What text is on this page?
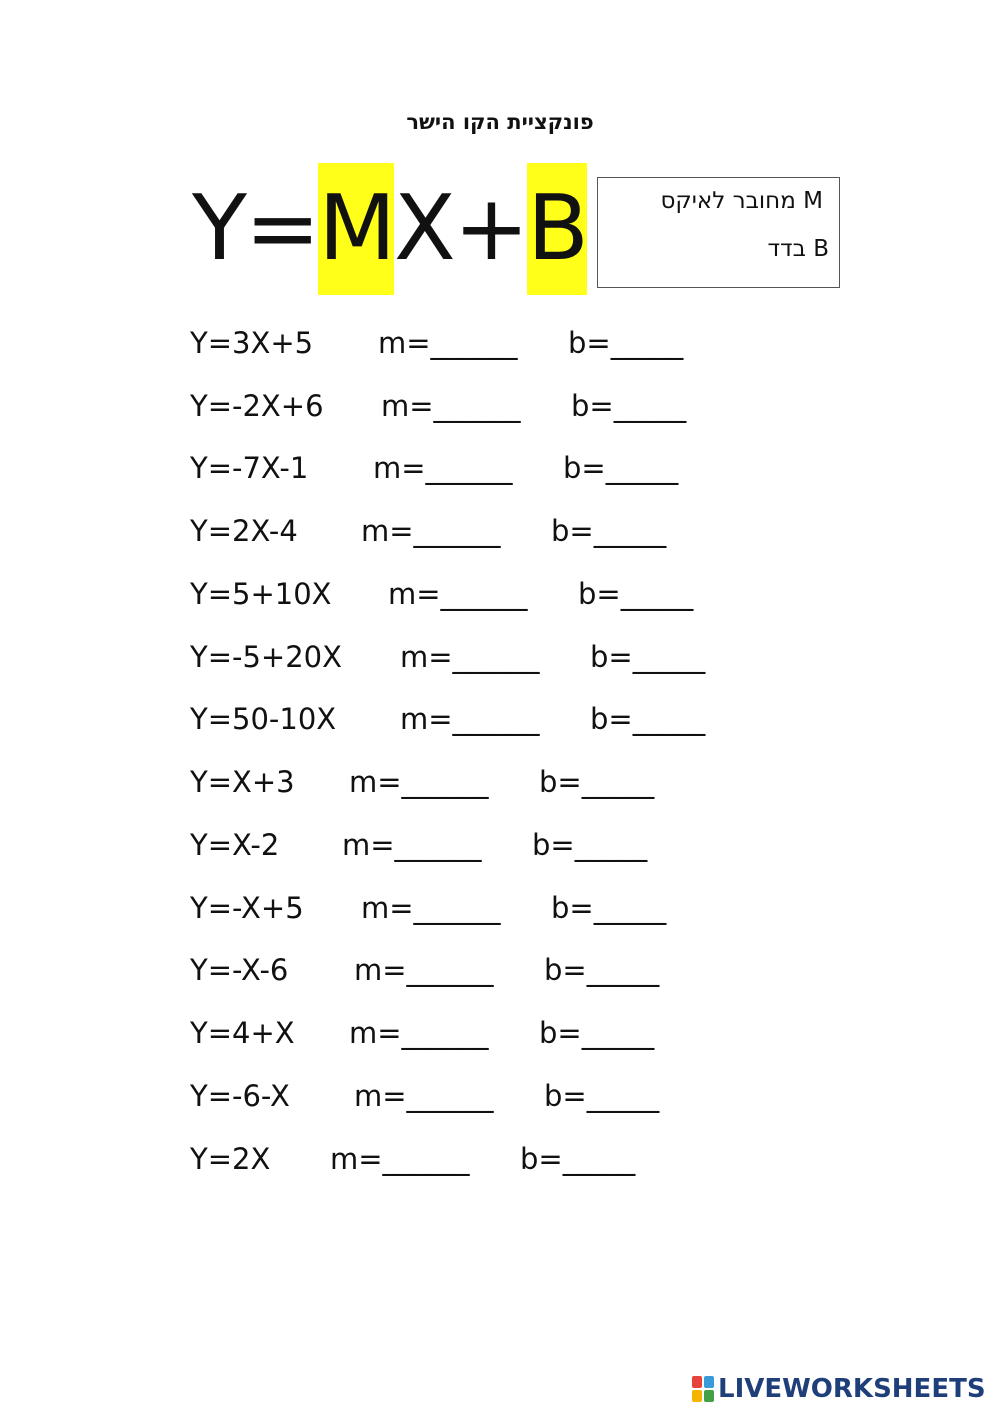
פונקציית הקו הישר
Y= M X+ B	M מחובר לאיקס
B בדד
Y=3X+5 m=______ b=_____
Y=-2X+6 m=______ b=_____
Y=-7X-1 m=______ b=_____
Y=2X-4 m=______ b=_____
Y=5+10X m=______ b=_____
Y=-5+20X m=______ b=_____
Y=50-10X m=______ b=_____
Y=X+3 m=______ b=_____
Y=X-2 m=______ b=_____
Y=-X+5 m=______ b=_____
Y=-X-6 m=______ b=_____
Y=4+X m=______ b=_____
Y=-6-X m=______ b=_____
Y=2X m=______ b=_____
LIVEWORKSHEETS
